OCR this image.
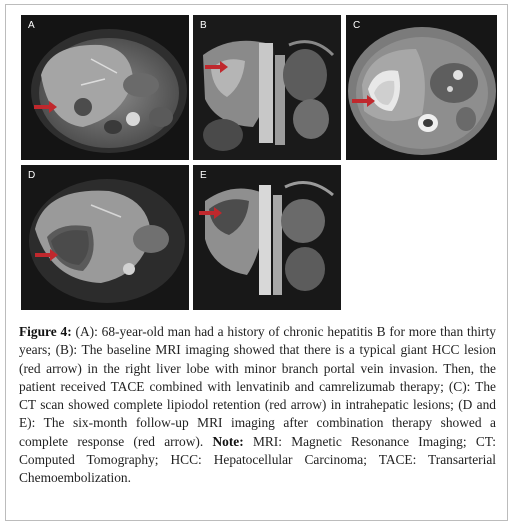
A	B	C
D	E
Figure 4: (A): 68-year-old man had a history of chronic hepatitis B for more than thirty years; (B): The baseline MRI imaging showed that there is a typical giant HCC lesion (red arrow) in the right liver lobe with minor branch portal vein invasion. Then, the patient received TACE combined with lenvatinib and camrelizumab therapy; (C): The CT scan showed complete lipiodol retention (red arrow) in intrahepatic lesions; (D and E): The six-month follow-up MRI imaging after combination therapy showed a complete response (red arrow). Note: MRI: Magnetic Resonance Imaging; CT: Computed Tomography; HCC: Hepatocellular Carcinoma; TACE: Transarterial Chemoembolization.
